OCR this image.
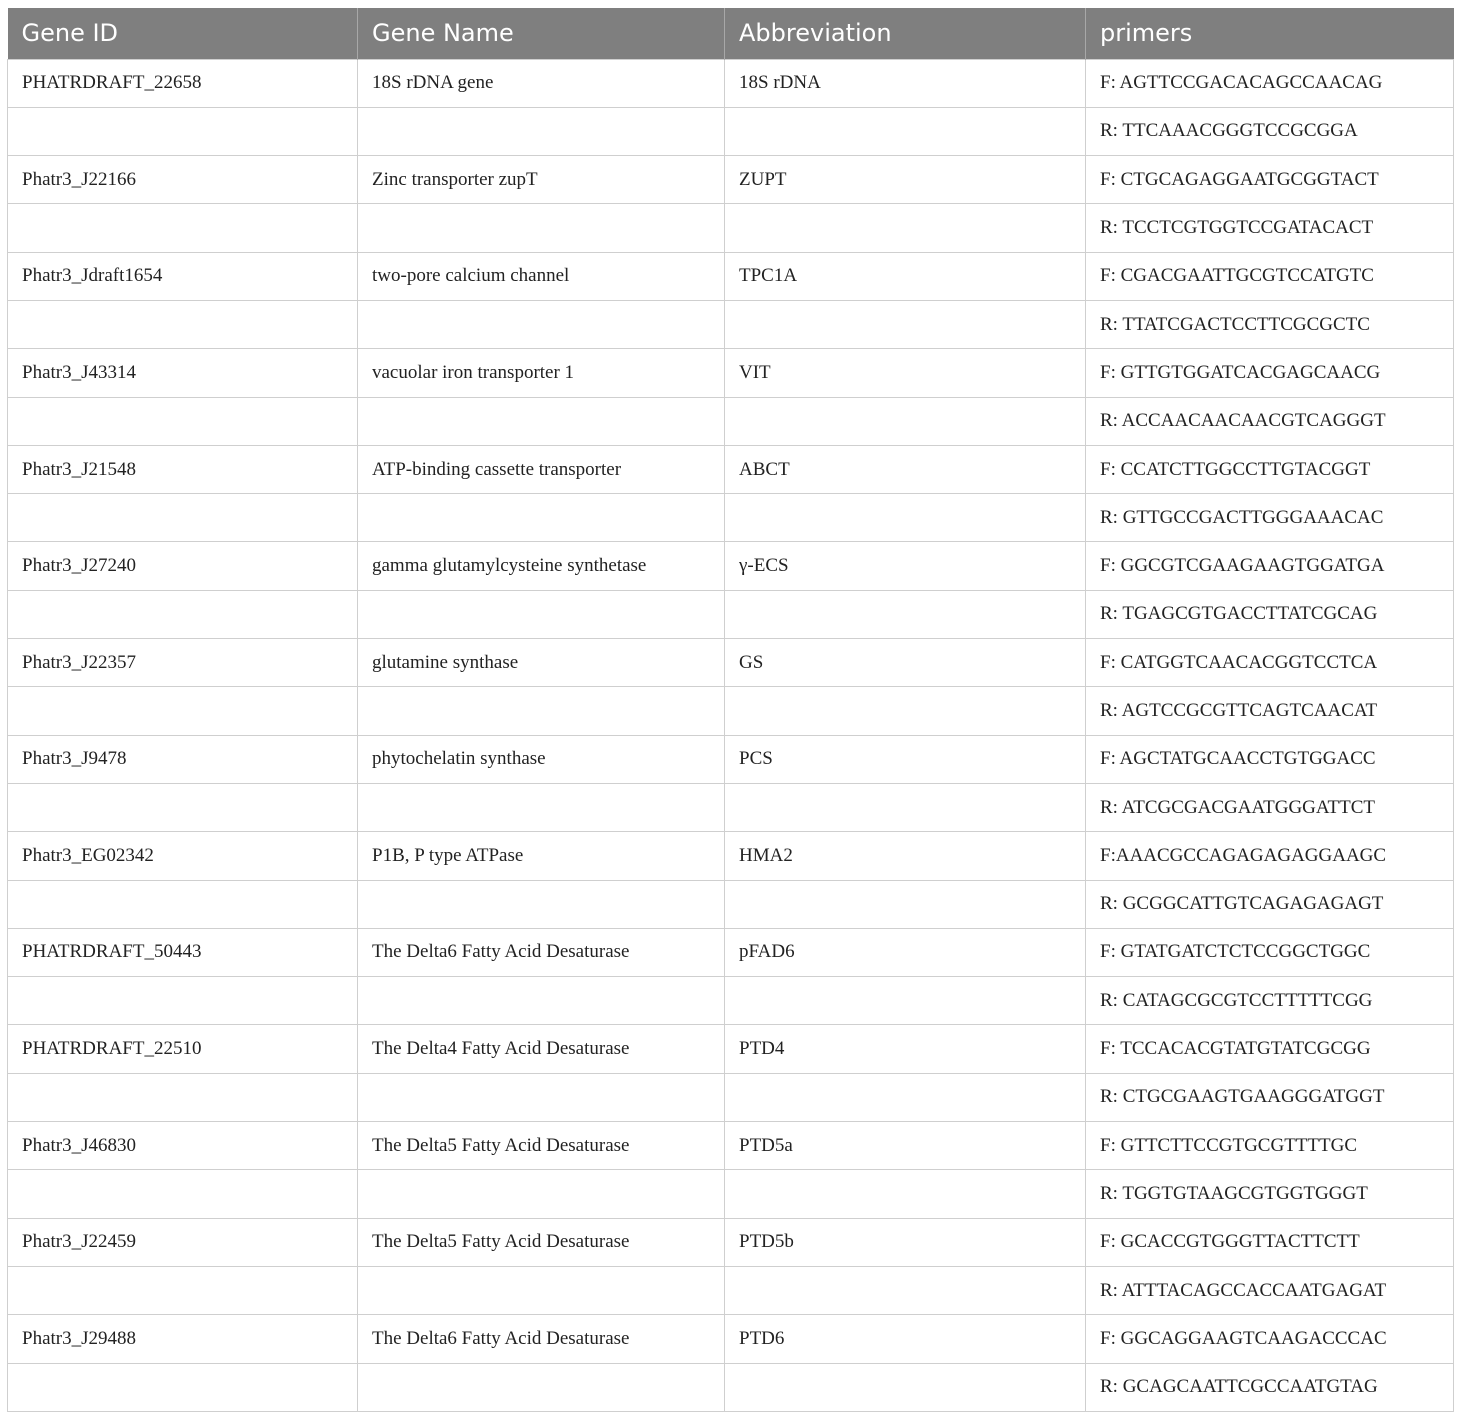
Gene ID	Gene Name	Abbreviation	primers
PHATRDRAFT_22658	18S rDNA gene	18S rDNA	F: AGTTCCGACACAGCCAACAG
			R: TTCAAACGGGTCCGCGGA
Phatr3_J22166	Zinc transporter zupT	ZUPT	F: CTGCAGAGGAATGCGGTACT
			R: TCCTCGTGGTCCGATACACT
Phatr3_Jdraft1654	two-pore calcium channel	TPC1A	F: CGACGAATTGCGTCCATGTC
			R: TTATCGACTCCTTCGCGCTC
Phatr3_J43314	vacuolar iron transporter 1	VIT	F: GTTGTGGATCACGAGCAACG
			R: ACCAACAACAACGTCAGGGT
Phatr3_J21548	ATP-binding cassette transporter	ABCT	F: CCATCTTGGCCTTGTACGGT
			R: GTTGCCGACTTGGGAAACAC
Phatr3_J27240	gamma glutamylcysteine synthetase	γ-ECS	F: GGCGTCGAAGAAGTGGATGA
			R: TGAGCGTGACCTTATCGCAG
Phatr3_J22357	glutamine synthase	GS	F: CATGGTCAACACGGTCCTCA
			R: AGTCCGCGTTCAGTCAACAT
Phatr3_J9478	phytochelatin synthase	PCS	F: AGCTATGCAACCTGTGGACC
			R: ATCGCGACGAATGGGATTCT
Phatr3_EG02342	P1B, P type ATPase	HMA2	F:AAACGCCAGAGAGAGGAAGC
			R: GCGGCATTGTCAGAGAGAGT
PHATRDRAFT_50443	The Delta6 Fatty Acid Desaturase	pFAD6	F: GTATGATCTCTCCGGCTGGC
			R: CATAGCGCGTCCTTTTTCGG
PHATRDRAFT_22510	The Delta4 Fatty Acid Desaturase	PTD4	F: TCCACACGTATGTATCGCGG
			R: CTGCGAAGTGAAGGGATGGT
Phatr3_J46830	The Delta5 Fatty Acid Desaturase	PTD5a	F: GTTCTTCCGTGCGTTTTGC
			R: TGGTGTAAGCGTGGTGGGT
Phatr3_J22459	The Delta5 Fatty Acid Desaturase	PTD5b	F: GCACCGTGGGTTACTTCTT
			R: ATTTACAGCCACCAATGAGAT
Phatr3_J29488	The Delta6 Fatty Acid Desaturase	PTD6	F: GGCAGGAAGTCAAGACCCAC
			R: GCAGCAATTCGCCAATGTAG
